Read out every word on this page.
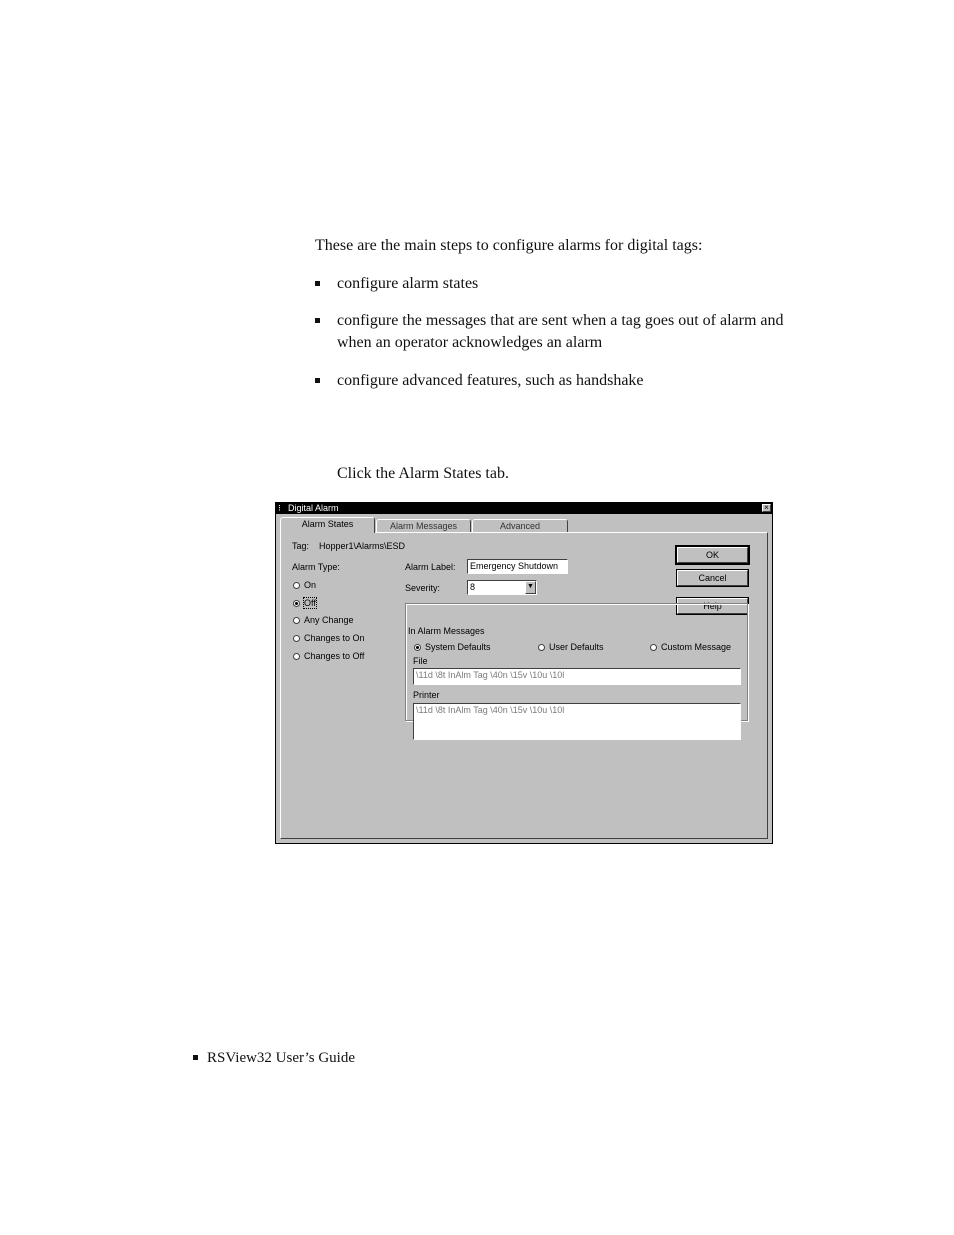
These are the main steps to configure alarms for digital tags:
configure alarm states
configure the messages that are sent when a tag goes out of alarm and when an operator acknowledges an alarm
configure advanced features, such as handshake
Click the Alarm States tab.
⁝ Digital Alarm	×
Alarm States	Alarm Messages	Advanced
Tag: Hopper1\Alarms\ESD
Alarm Type:
On
Off
Any Change
Changes to On
Changes to Off
Alarm Label:	Emergency Shutdown
Severity:	8	▼
OK
Cancel
Help
In Alarm Messages
System Defaults	User Defaults	Custom Message
File
\11d \8t InAlm Tag \40n \15v \10u \10l
Printer
\11d \8t InAlm Tag \40n \15v \10u \10l
RSView32 User’s Guide
